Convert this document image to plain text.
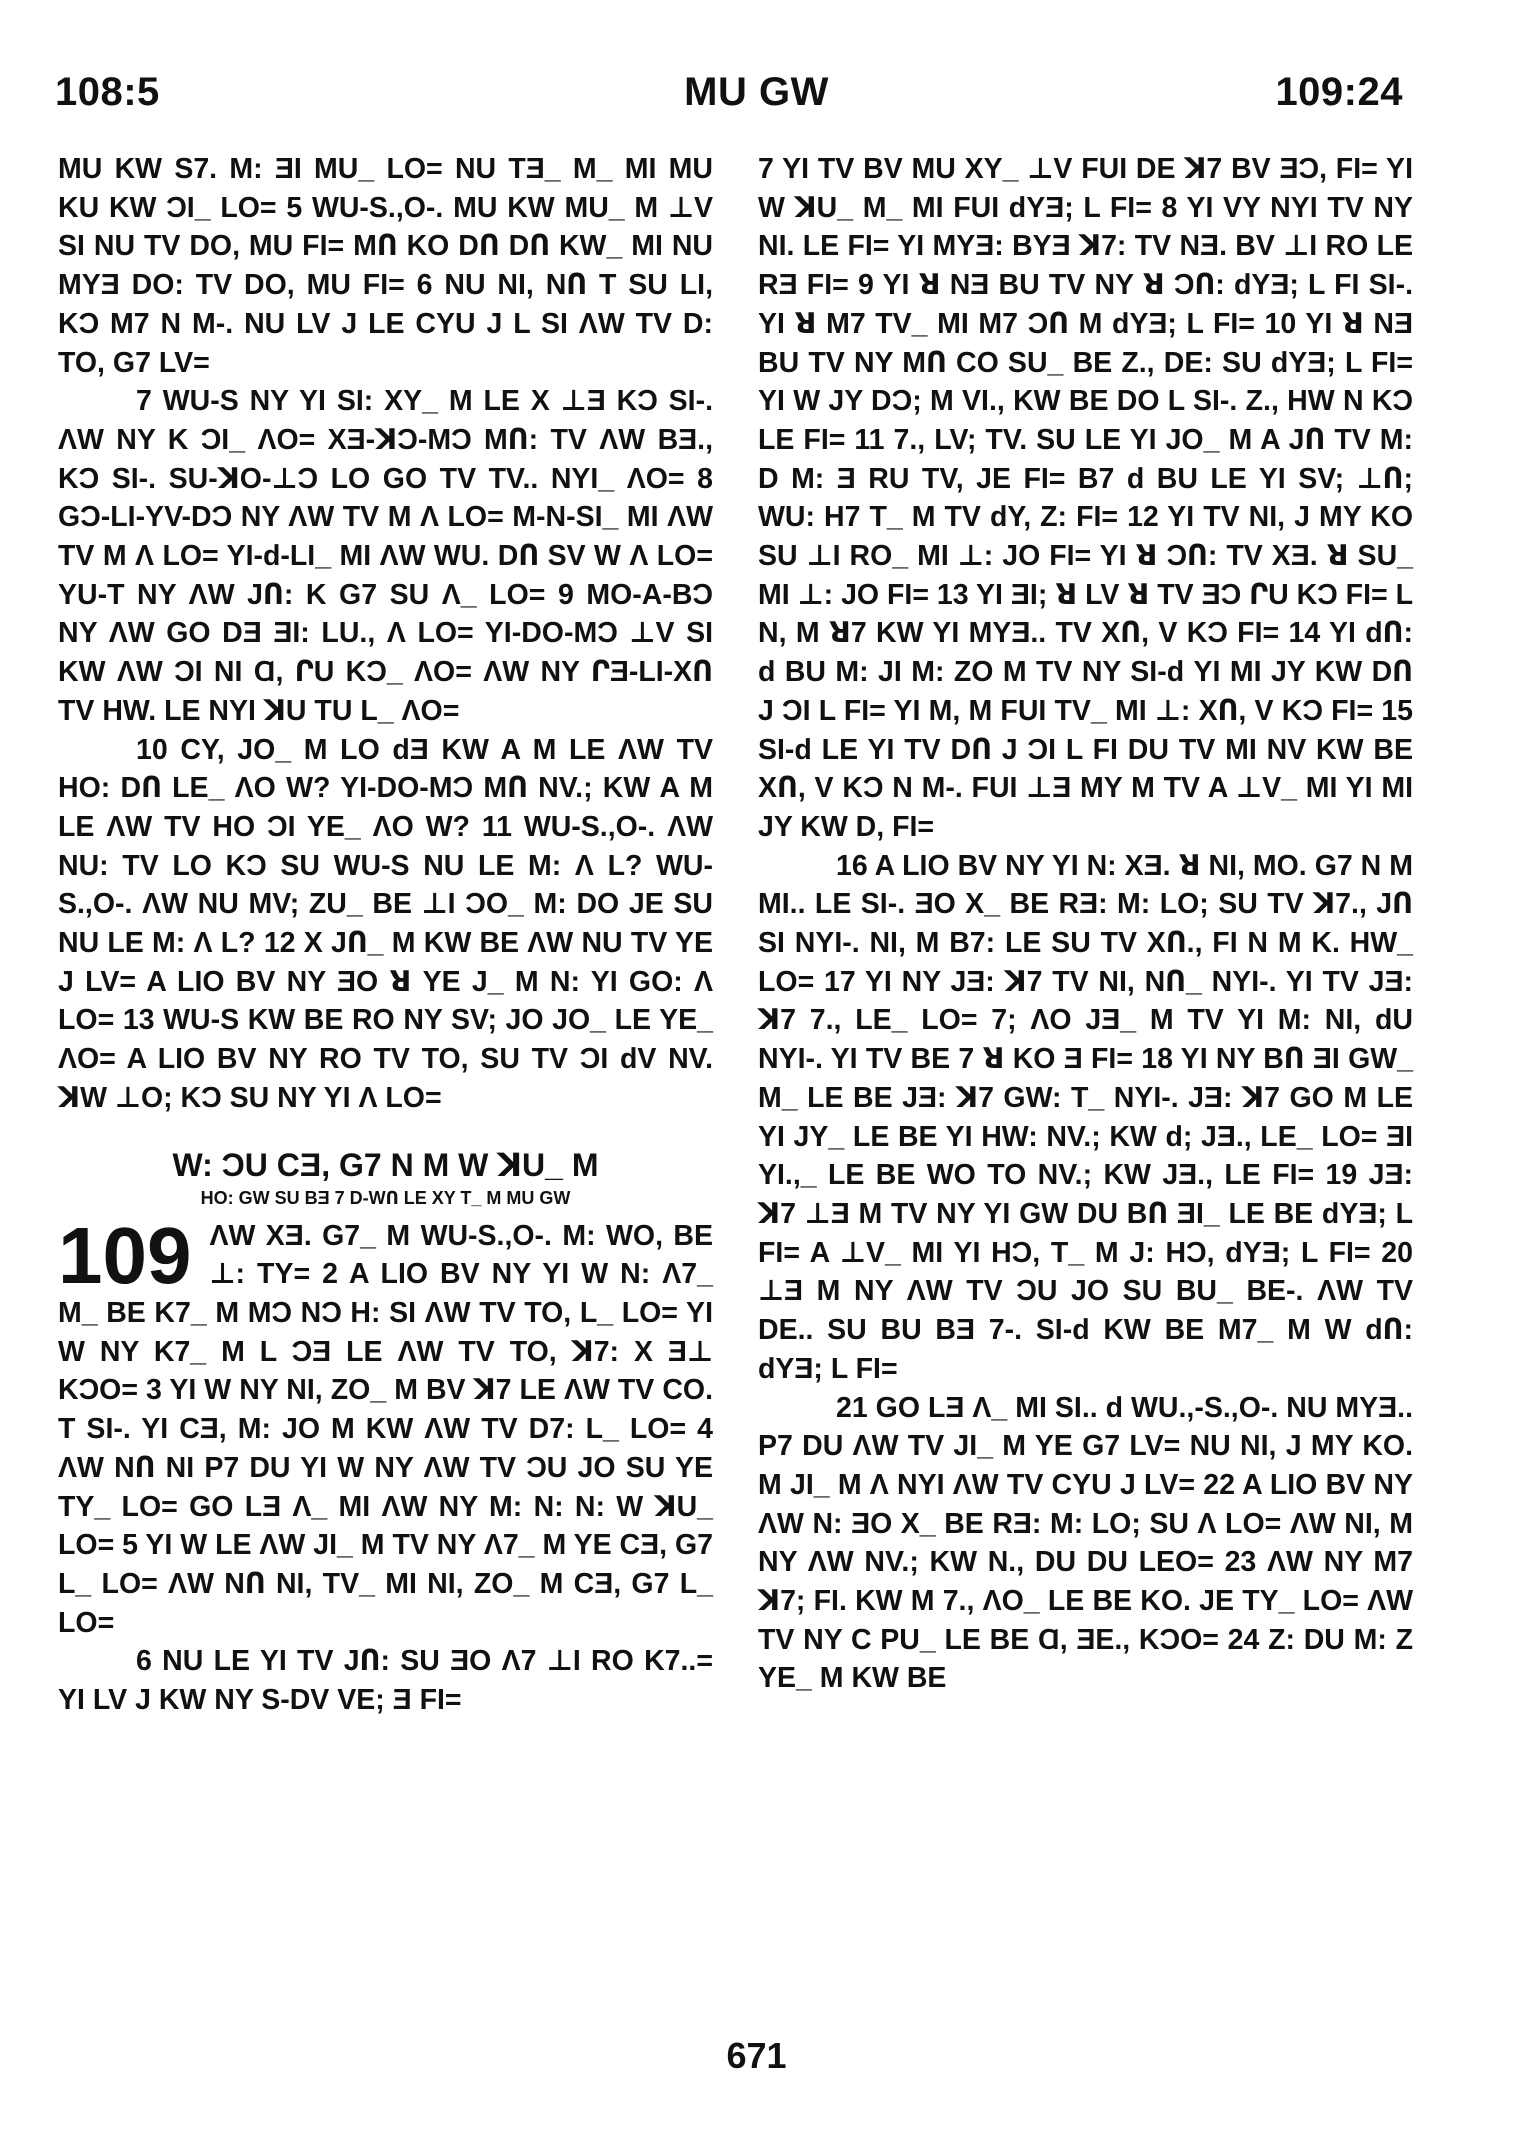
108:5	MU GW	109:24

MU KW S7. M: ƎI MU_ LO= NU TƎ_ M_ MI MU KU KW ƆI_ LO= 5 WU-S.,O-. MU KW MU_ M ⊥V SI NU TV DO, MU FI= MՈ KO DՈ DՈ KW_ MI NU MYƎ DO: TV DO, MU FI= 6 NU NI, NՈ T SU LI, KƆ M7 N M-. NU LV J LE CYU J L SI ΛW TV D: TO, G7 LV=

7 WU-S NY YI SI: XY_ M LE X ⊥Ǝ KƆ SI-. ΛW NY K ƆI_ ΛO= XƎ-ꓘƆ-MƆ MՈ: TV ΛW BƎ., KƆ SI-. SU-ꓘO-⊥Ɔ LO GO TV TV.. NYI_ ΛO= 8 GƆ-LI-YV-DƆ NY ΛW TV M Λ LO= M-N-SI_ MI ΛW TV M Λ LO= YI-ԁ-LI_ MI ΛW WU. DՈ SV W Λ LO= YU-T NY ΛW JՈ: K G7 SU Λ_ LO= 9 MO-A-BƆ NY ΛW GO DƎ ƎI: LU., Λ LO= YI-DO-MƆ ⊥V SI KW ΛW ƆI NI Ɑ, ՐU KƆ_ ΛO= ΛW NY ՐƎ-LI-XՈ TV HW. LE NYI ꓘU TU L_ ΛO=

10 CY, JO_ M LO ԁƎ KW A M LE ΛW TV HO: DՈ LE_ ΛO W? YI-DO-MƆ MՈ NV.; KW A M LE ΛW TV HO ƆI YE_ ΛO W? 11 WU-S.,O-. ΛW NU: TV LO KƆ SU WU-S NU LE M: Λ L? WU-S.,O-. ΛW NU MV; ZU_ BE ⊥I ƆO_ M: DO JE SU NU LE M: Λ L? 12 X JՈ_ M KW BE ΛW NU TV YE J LV= A LIO BV NY ƎO ꓤ YE J_ M N: YI GO: Λ LO= 13 WU-S KW BE RO NY SV; JO JO_ LE YE_ ΛO= A LIO BV NY RO TV TO, SU TV ƆI ԁV NV. ꓘW ⊥O; KƆ SU NY YI Λ LO=

W: ƆU CƎ, G7 N M W ꓘU_ M
HO: GW SU BƎ 7 D-WՈ LE XY T_ M MU GW
109 ΛW XƎ. G7_ M WU-S.,O-. M: WO, BE ⊥: TY= 2 A LIO BV NY YI W N: Λ7_ M_ BE K7_ M MƆ NƆ H: SI ΛW TV TO, L_ LO= YI W NY K7_ M L ƆƎ LE ΛW TV TO, ꓘ7: X Ǝ⊥ KƆO= 3 YI W NY NI, ZO_ M BV ꓘ7 LE ΛW TV CO. T SI-. YI CƎ, M: JO M KW ΛW TV D7: L_ LO= 4 ΛW NՈ NI P7 DU YI W NY ΛW TV ƆU JO SU YE TY_ LO= GO LƎ Λ_ MI ΛW NY M: N: N: W ꓘU_ LO= 5 YI W LE ΛW JI_ M TV NY Λ7_ M YE CƎ, G7 L_ LO= ΛW NՈ NI, TV_ MI NI, ZO_ M CƎ, G7 L_ LO=

6 NU LE YI TV JՈ: SU ƎO Λ7 ⊥I RO K7..= YI LV J KW NY S-DV VE; Ǝ FI=

7 YI TV BV MU XY_ ⊥V FUI DE ꓘ7 BV ƎƆ, FI= YI W ꓘU_ M_ MI FUI ԁYƎ; L FI= 8 YI VY NYI TV NY NI. LE FI= YI MYƎ: BYƎ ꓘ7: TV NƎ. BV ⊥I RO LE RƎ FI= 9 YI ꓤ NƎ BU TV NY ꓤ ƆՈ: ԁYƎ; L FI SI-. YI ꓤ M7 TV_ MI M7 ƆՈ M ԁYƎ; L FI= 10 YI ꓤ NƎ BU TV NY MՈ CO SU_ BE Z., DE: SU ԁYƎ; L FI= YI W JY DƆ; M VI., KW BE DO L SI-. Z., HW N KƆ LE FI= 11 7., LV; TV. SU LE YI JO_ M A JՈ TV M: D M: Ǝ RU TV, JE FI= B7 ԁ BU LE YI SV; ⊥Ո; WU: H7 T_ M TV ԁY, Z: FI= 12 YI TV NI, J MY KO SU ⊥I RO_ MI ⊥: JO FI= YI ꓤ ƆՈ: TV XƎ. ꓤ SU_ MI ⊥: JO FI= 13 YI ƎI; ꓤ LV ꓤ TV ƎƆ ՐU KƆ FI= L N, M ꓤ7 KW YI MYƎ.. TV XՈ, V KƆ FI= 14 YI ԁՈ: ԁ BU M: JI M: ZO M TV NY SI-ԁ YI MI JY KW DՈ J ƆI L FI= YI M, M FUI TV_ MI ⊥: XՈ, V KƆ FI= 15 SI-ԁ LE YI TV DՈ J ƆI L FI DU TV MI NV KW BE XՈ, V KƆ N M-. FUI ⊥Ǝ MY M TV A ⊥V_ MI YI MI JY KW D, FI=

16 A LIO BV NY YI N: XƎ. ꓤ NI, MO. G7 N M MI.. LE SI-. ƎO X_ BE RƎ: M: LO; SU TV ꓘ7., JՈ SI NYI-. NI, M B7: LE SU TV XՈ., FI N M K. HW_ LO= 17 YI NY JƎ: ꓘ7 TV NI, NՈ_ NYI-. YI TV JƎ: ꓘ7 7., LE_ LO= 7; ΛO JƎ_ M TV YI M: NI, ԁU NYI-. YI TV BE 7 ꓤ KO Ǝ FI= 18 YI NY BՈ ƎI GW_ M_ LE BE JƎ: ꓘ7 GW: T_ NYI-. JƎ: ꓘ7 GO M LE YI JY_ LE BE YI HW: NV.; KW ԁ; JƎ., LE_ LO= ƎI YI.,_ LE BE WO TO NV.; KW JƎ., LE FI= 19 JƎ: ꓘ7 ⊥Ǝ M TV NY YI GW DU BՈ ƎI_ LE BE ԁYƎ; L FI= A ⊥V_ MI YI HƆ, T_ M J: HƆ, ԁYƎ; L FI= 20 ⊥Ǝ M NY ΛW TV ƆU JO SU BU_ BE-. ΛW TV DE.. SU BU BƎ 7-. SI-ԁ KW BE M7_ M W ԁՈ: ԁYƎ; L FI=

21 GO LƎ Λ_ MI SI.. ԁ WU.,-S.,O-. NU MYƎ.. P7 DU ΛW TV JI_ M YE G7 LV= NU NI, J MY KO. M JI_ M Λ NYI ΛW TV CYU J LV= 22 A LIO BV NY ΛW N: ƎO X_ BE RƎ: M: LO; SU Λ LO= ΛW NI, M NY ΛW NV.; KW N., DU DU LEO= 23 ΛW NY M7 ꓘ7; FI. KW M 7., ΛO_ LE BE KO. JE TY_ LO= ΛW TV NY C PU_ LE BE Ɑ, ƎE., KƆO= 24 Z: DU M: Z YE_ M KW BE

671
